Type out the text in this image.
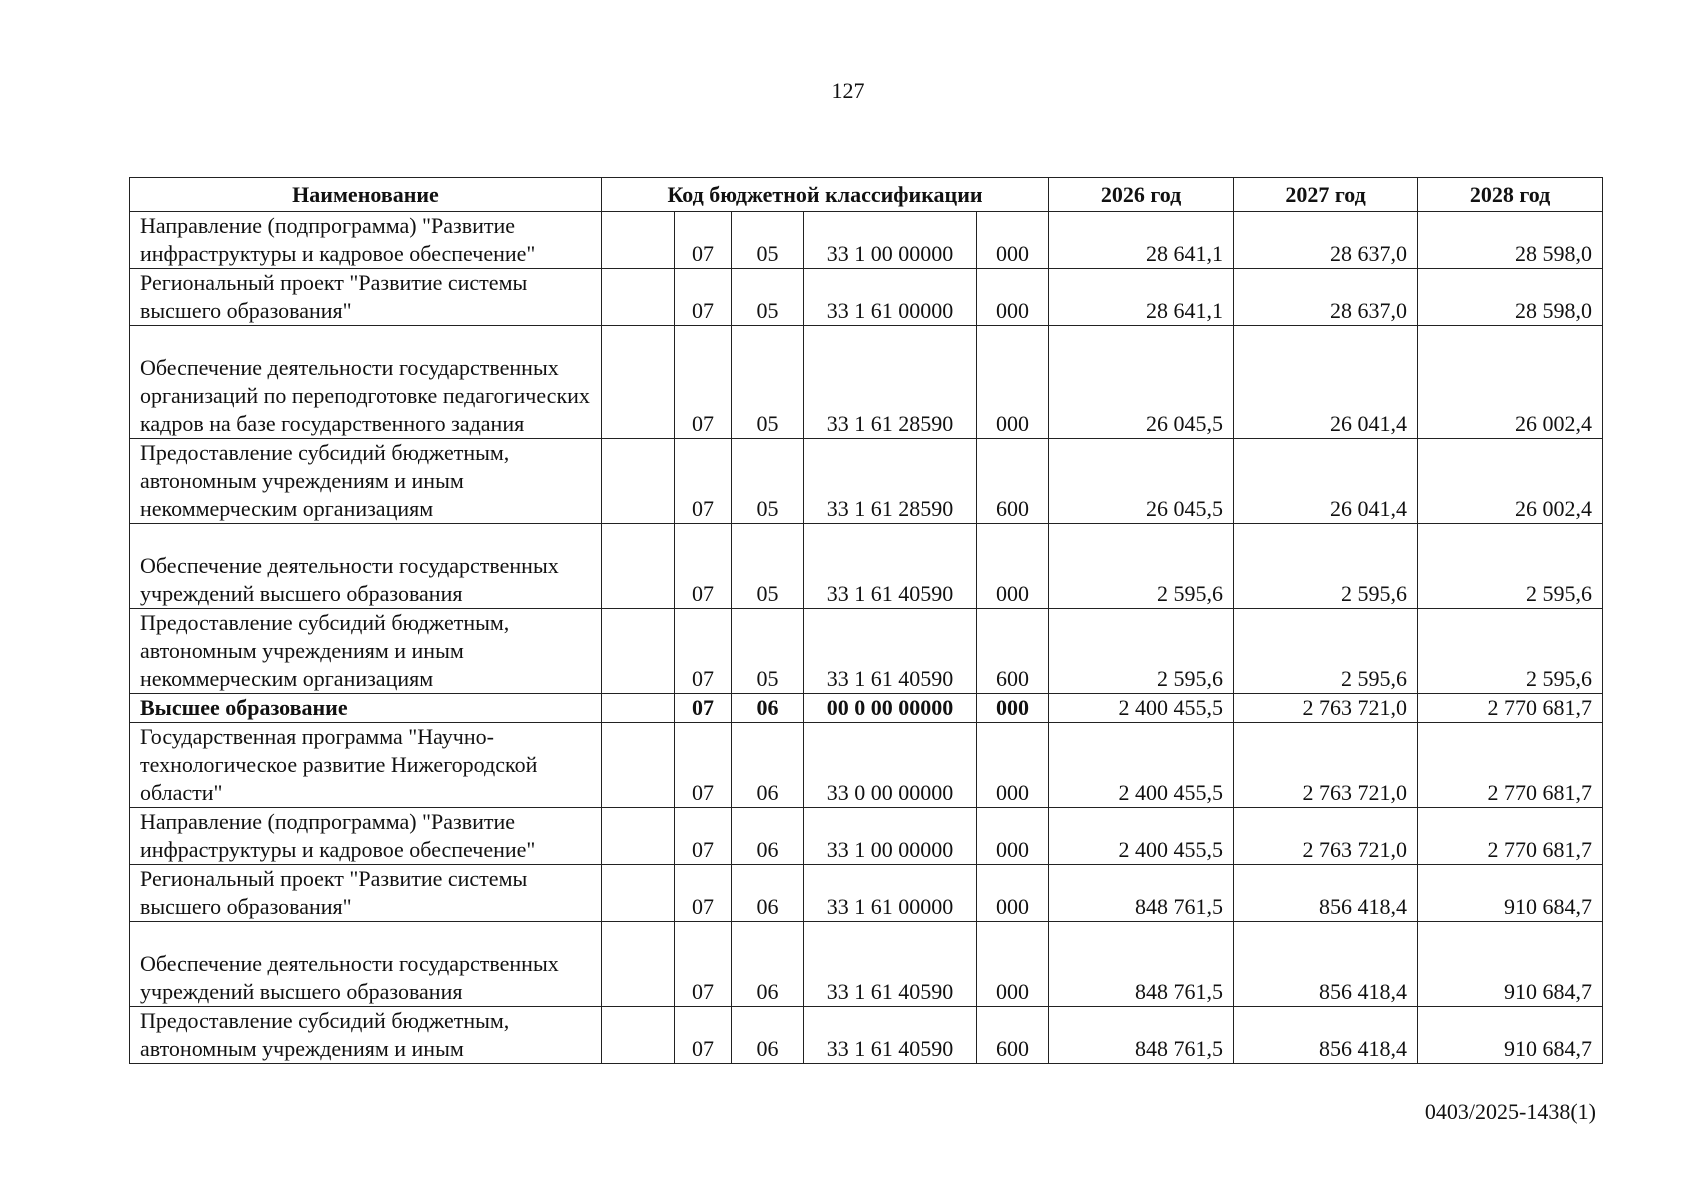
127
Наименование	Код бюджетной классификации					2026 год	2027 год	2028 год
Направление (подпрограмма) "Развитие инфраструктуры и кадровое обеспечение"		07	05	33 1 00 00000	000	28 641,1	28 637,0	28 598,0
Региональный проект "Развитие системы высшего образования"		07	05	33 1 61 00000	000	28 641,1	28 637,0	28 598,0
Обеспечение деятельности государственных организаций по переподготовке педагогических кадров на базе государственного задания		07	05	33 1 61 28590	000	26 045,5	26 041,4	26 002,4
Предоставление субсидий бюджетным, автономным учреждениям и иным некоммерческим организациям		07	05	33 1 61 28590	600	26 045,5	26 041,4	26 002,4
Обеспечение деятельности государственных учреждений высшего образования		07	05	33 1 61 40590	000	2 595,6	2 595,6	2 595,6
Предоставление субсидий бюджетным, автономным учреждениям и иным некоммерческим организациям		07	05	33 1 61 40590	600	2 595,6	2 595,6	2 595,6
Высшее образование		07	06	00 0 00 00000	000	2 400 455,5	2 763 721,0	2 770 681,7
Государственная программа "Научно-технологическое развитие Нижегородской области"		07	06	33 0 00 00000	000	2 400 455,5	2 763 721,0	2 770 681,7
Направление (подпрограмма) "Развитие инфраструктуры и кадровое обеспечение"		07	06	33 1 00 00000	000	2 400 455,5	2 763 721,0	2 770 681,7
Региональный проект "Развитие системы высшего образования"		07	06	33 1 61 00000	000	848 761,5	856 418,4	910 684,7
Обеспечение деятельности государственных учреждений высшего образования		07	06	33 1 61 40590	000	848 761,5	856 418,4	910 684,7
Предоставление субсидий бюджетным, автономным учреждениям и иным		07	06	33 1 61 40590	600	848 761,5	856 418,4	910 684,7
0403/2025-1438(1)
